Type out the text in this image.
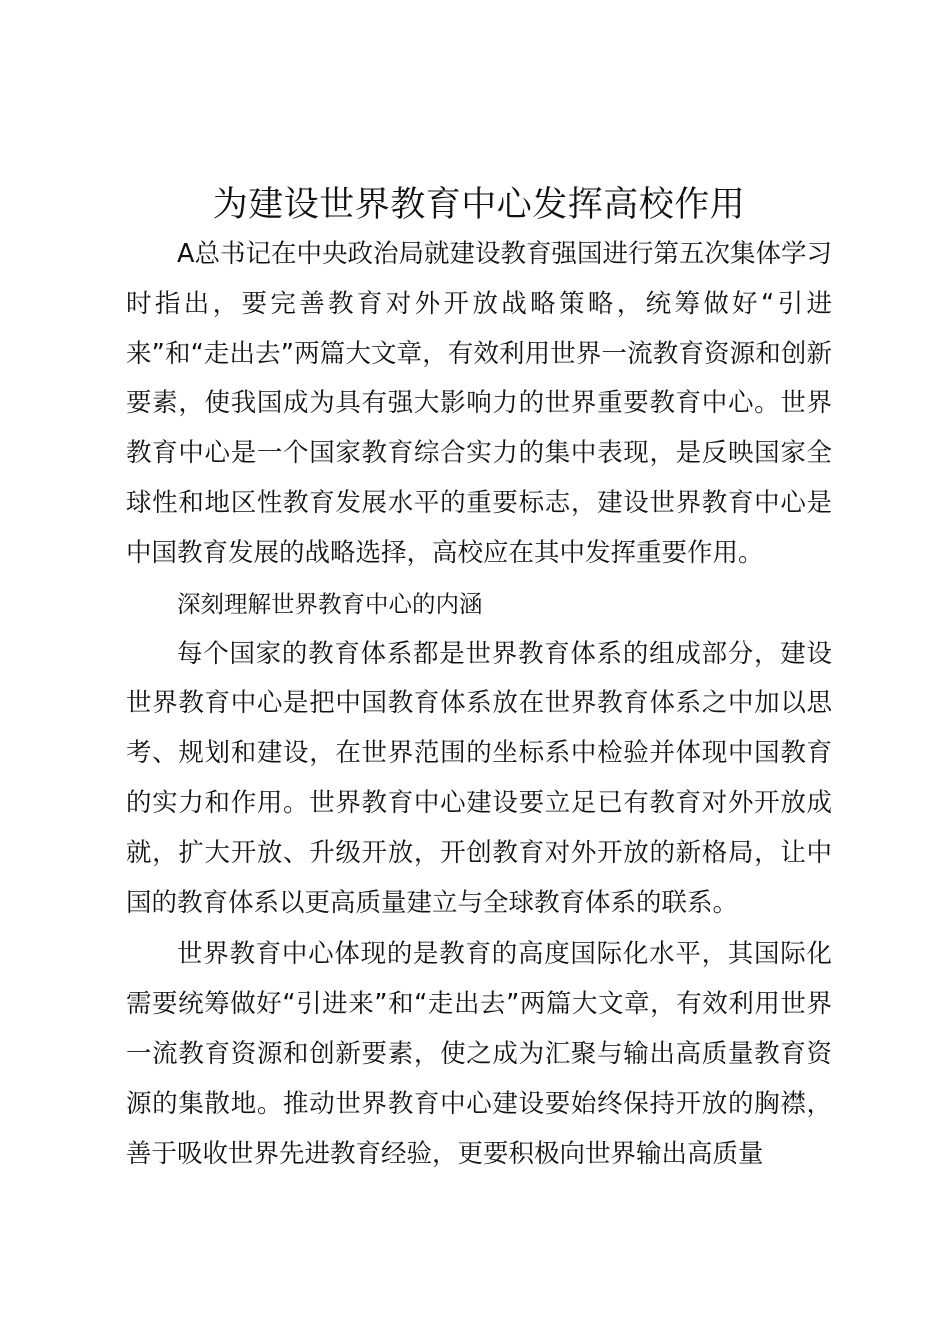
为建设世界教育中心发挥高校作用

A总书记在中央政治局就建设教育强国进行第五次集体学习时指出，要完善教育对外开放战略策略，统筹做好“引进来”和“走出去”两篇大文章，有效利用世界一流教育资源和创新要素，使我国成为具有强大影响力的世界重要教育中心。世界教育中心是一个国家教育综合实力的集中表现，是反映国家全球性和地区性教育发展水平的重要标志，建设世界教育中心是中国教育发展的战略选择，高校应在其中发挥重要作用。

深刻理解世界教育中心的内涵

每个国家的教育体系都是世界教育体系的组成部分，建设世界教育中心是把中国教育体系放在世界教育体系之中加以思考、规划和建设，在世界范围的坐标系中检验并体现中国教育的实力和作用。世界教育中心建设要立足已有教育对外开放成就，扩大开放、升级开放，开创教育对外开放的新格局，让中国的教育体系以更高质量建立与全球教育体系的联系。

世界教育中心体现的是教育的高度国际化水平，其国际化需要统筹做好“引进来”和“走出去”两篇大文章，有效利用世界一流教育资源和创新要素，使之成为汇聚与输出高质量教育资源的集散地。推动世界教育中心建设要始终保持开放的胸襟，善于吸收世界先进教育经验，更要积极向世界输出高质量
